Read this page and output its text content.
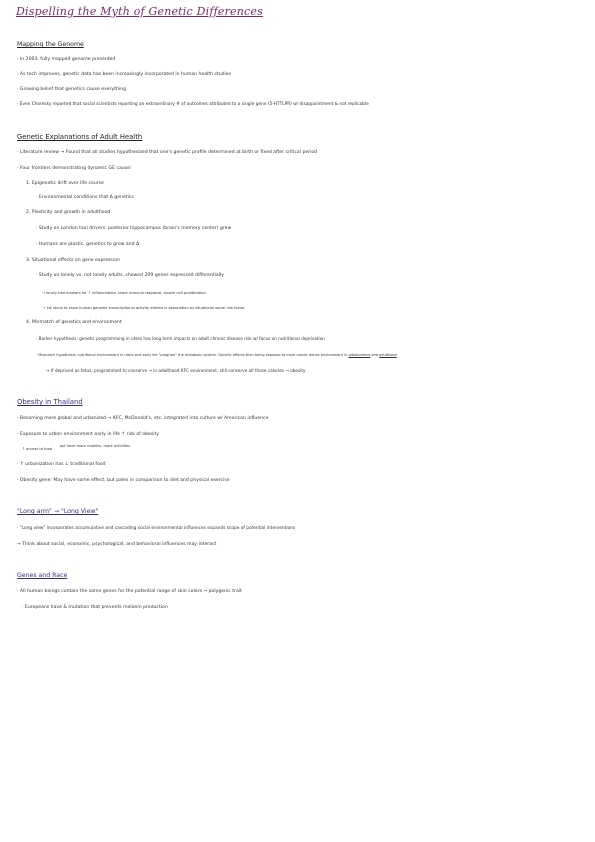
Dispelling the Myth of Genetic Differences
Mapping the Genome
· In 2003, fully mapped genome presented
· As tech improves, genetic data has been increasingly incorporated in human health studies
· Growing belief that genetics cause everything
· Even Chomsky reported that social scientists reporting an extraordinary # of outcomes attributed to a single gene (5-HTTLPR) w/ disappointment & not replicable
Genetic Explanations of Adult Health
· Literature review → Found that all studies hypothesized that one's genetic profile determined at birth or fixed after critical period
· Four frontiers demonstrating dynamic GE cause:
1. Epigenetic drift over life course
· Environmental conditions that Δ genetics
2. Plasticity and growth in adulthood
· Study on London taxi drivers: posterior hippocampus (brain's memory center) grew
· Humans are plastic, genetics to grow and Δ
3. Situational effects on gene expression
· Study on lonely vs. not lonely adults, showed 209 genes expressed differentially
→ lonely had markers for ↑ inflammation, lower immune response, slower cell proliferation
→ 1st study to show human genome transcriptional activity altered in association w/ situational social risk factor
4. Mismatch of genetics and environment
· Barker hypothesis: genetic programming in utero has long term impacts on adult chronic disease risk w/ focus on nutritional deprivation
· Mismatch hypothesis: nutritional environment in utero and early life "program" the metabolic system. Genetic effects then being exposed to more caloric dense environment in adolescence and adulthood
→ If deprived as fetus, programmed to conserve → in adulthood KFC environment, still conserve all those calories → obesity
Obesity in Thailand
· Becoming more global and urbanized → KFC, McDonald's, etc. integrated into culture w/ American influence
· Exposure to urban environment early in life ↑ risk of obesity
↑ access to food
ppl have more mobiles, more activities
· ↑ urbanization has ↓ traditional food
· Obesity gene: May have some effect, but pales in comparison to diet and physical exercise
"Long arm" → "Long View"
· "Long view" incorporates accumulative and cascading social environmental influences expands scope of potential interventions
→ Think about social, economic, psychological, and behavioral influences may interact
Genes and Race
· All human beings contain the same genes for the potential range of skin colors → polygenic trait
· Europeans have & mutation that prevents melanin production
